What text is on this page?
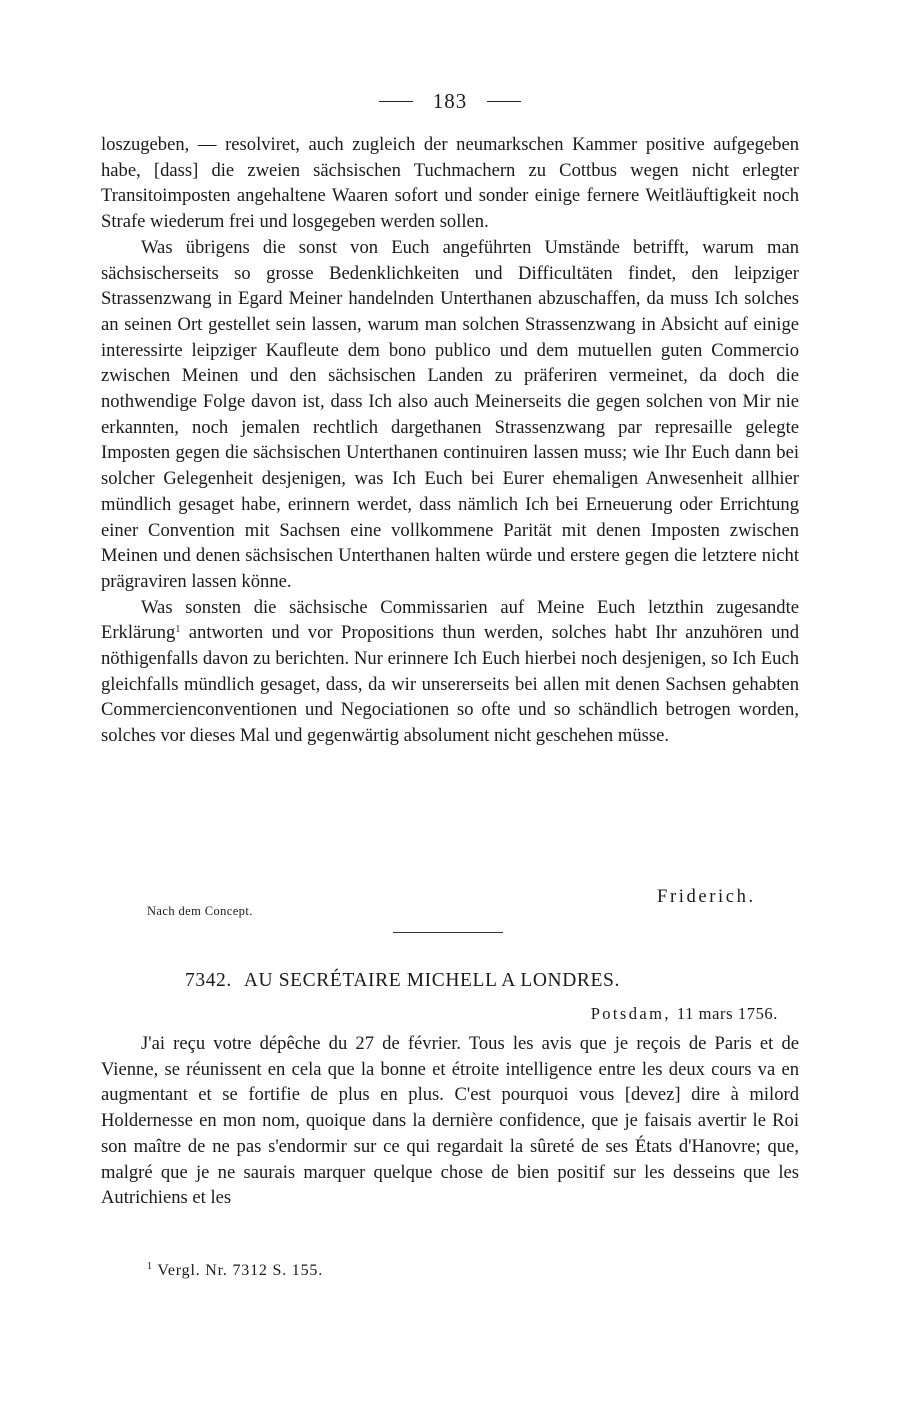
183

loszugeben, — resolviret, auch zugleich der neumarkschen Kammer positive aufgegeben habe, [dass] die zweien sächsischen Tuchmachern zu Cottbus wegen nicht erlegter Transitoimposten angehaltene Waaren sofort und sonder einige fernere Weitläuftigkeit noch Strafe wiederum frei und losgegeben werden sollen.

Was übrigens die sonst von Euch angeführten Umstände betrifft, warum man sächsischerseits so grosse Bedenklichkeiten und Difficultäten findet, den leipziger Strassenzwang in Egard Meiner handelnden Unterthanen abzuschaffen, da muss Ich solches an seinen Ort gestellet sein lassen, warum man solchen Strassenzwang in Absicht auf einige interessirte leipziger Kaufleute dem bono publico und dem mutuellen guten Commercio zwischen Meinen und den sächsischen Landen zu präferiren vermeinet, da doch die nothwendige Folge davon ist, dass Ich also auch Meinerseits die gegen solchen von Mir nie erkannten, noch jemalen rechtlich dargethanen Strassenzwang par represaille gelegte Imposten gegen die sächsischen Unterthanen continuiren lassen muss; wie Ihr Euch dann bei solcher Gelegenheit desjenigen, was Ich Euch bei Eurer ehemaligen Anwesenheit allhier mündlich gesaget habe, erinnern werdet, dass nämlich Ich bei Erneuerung oder Errichtung einer Convention mit Sachsen eine vollkommene Parität mit denen Imposten zwischen Meinen und denen sächsischen Unterthanen halten würde und erstere gegen die letztere nicht prägraviren lassen könne.

Was sonsten die sächsische Commissarien auf Meine Euch letzthin zugesandte Erklärung$^1$ antworten und vor Propositions thun werden, solches habt Ihr anzuhören und nöthigenfalls davon zu berichten. Nur erinnere Ich Euch hierbei noch desjenigen, so Ich Euch gleichfalls mündlich gesaget, dass, da wir unsererseits bei allen mit denen Sachsen gehabten Commercienconventionen und Negociationen so ofte und so schändlich betrogen worden, solches vor dieses Mal und gegenwärtig absolument nicht geschehen müsse.

Friderich.
Nach dem Concept.
7342. AU SECRÉTAIRE MICHELL A LONDRES.
Potsdam, 11 mars 1756.

J'ai reçu votre dépêche du 27 de février. Tous les avis que je reçois de Paris et de Vienne, se réunissent en cela que la bonne et étroite intelligence entre les deux cours va en augmentant et se fortifie de plus en plus. C'est pourquoi vous [devez] dire à milord Holdernesse en mon nom, quoique dans la dernière confidence, que je faisais avertir le Roi son maître de ne pas s'endormir sur ce qui regardait la sûreté de ses États d'Hanovre; que, malgré que je ne saurais marquer quelque chose de bien positif sur les desseins que les Autrichiens et les

$^1$ Vergl. Nr. 7312 S. 155.
